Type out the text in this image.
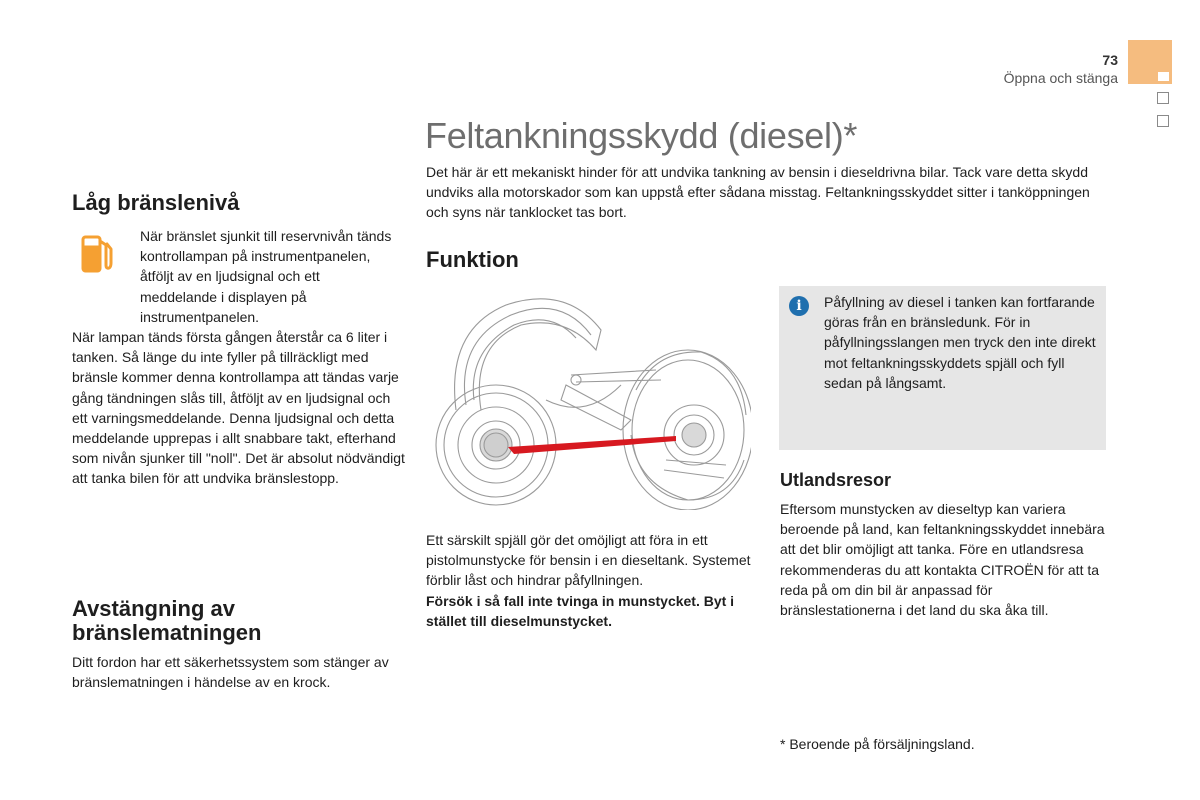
73
Öppna och stänga
Feltankningsskydd (diesel)*
Det här är ett mekaniskt hinder för att undvika tankning av bensin i dieseldrivna bilar. Tack vare detta skydd undviks alla motorskador som kan uppstå efter sådana misstag. Feltankningsskyddet sitter i tanköppningen och syns när tanklocket tas bort.
Låg bränslenivå
När bränslet sjunkit till reservnivån tänds kontrollampan på instrumentpanelen, åtföljt av en ljudsignal och ett meddelande i displayen på instrumentpanelen.
När lampan tänds första gången återstår ca 6 liter i tanken. Så länge du inte fyller på tillräckligt med bränsle kommer denna kontrollampa att tändas varje gång tändningen slås till, åtföljt av en ljudsignal och ett varningsmeddelande. Denna ljudsignal och detta meddelande upprepas i allt snabbare takt, efterhand som nivån sjunker till "noll". Det är absolut nödvändigt att tanka bilen för att undvika bränslestopp.
Avstängning av bränslematningen
Ditt fordon har ett säkerhetssystem som stänger av bränslematningen i händelse av en krock.
Funktion
Ett särskilt spjäll gör det omöjligt att föra in ett pistolmunstycke för bensin i en dieseltank. Systemet förblir låst och hindrar påfyllningen.
Försök i så fall inte tvinga in munstycket. Byt i stället till dieselmunstycket.
i	Påfyllning av diesel i tanken kan fortfarande göras från en bränsledunk. För in påfyllningsslangen men tryck den inte direkt mot feltankningsskyddets spjäll och fyll sedan på långsamt.
Utlandsresor
Eftersom munstycken av dieseltyp kan variera beroende på land, kan feltankningsskyddet innebära att det blir omöjligt att tanka. Före en utlandsresa rekommenderas du att kontakta CITROËN för att ta reda på om din bil är anpassad för bränslestationerna i det land du ska åka till.
* Beroende på försäljningsland.
